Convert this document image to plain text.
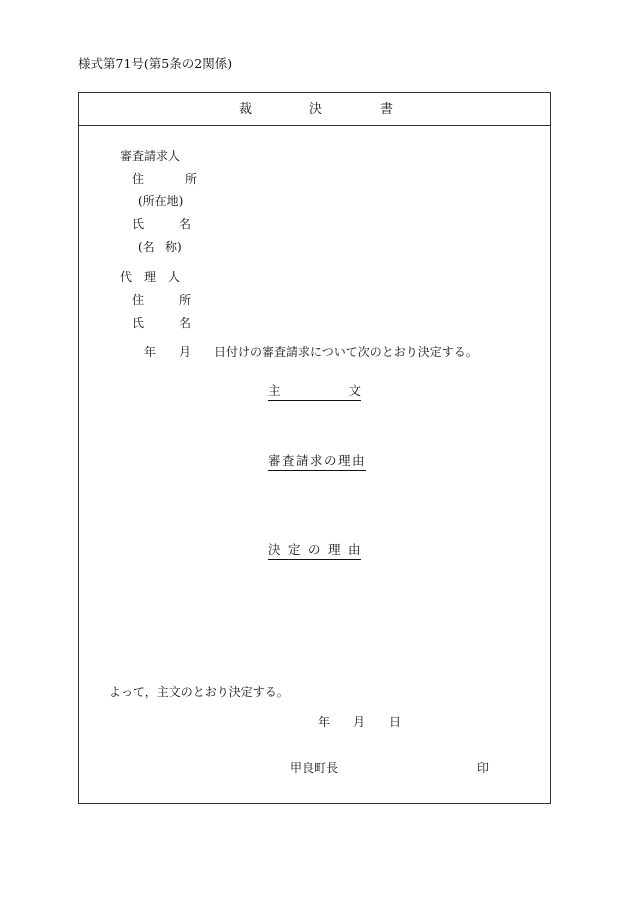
様式第71号(第5条の2関係)
裁	決	書
審査請求人
住	所
(所在地)
氏	名
(名 称)
代 理 人
住	所
氏	名
年 月 日付けの審査請求について次のとおり決定する。
主	文
審査請求の理由
決 定 の 理 由
よって，主文のとおり決定する。
年 月 日
甲良町長	印
